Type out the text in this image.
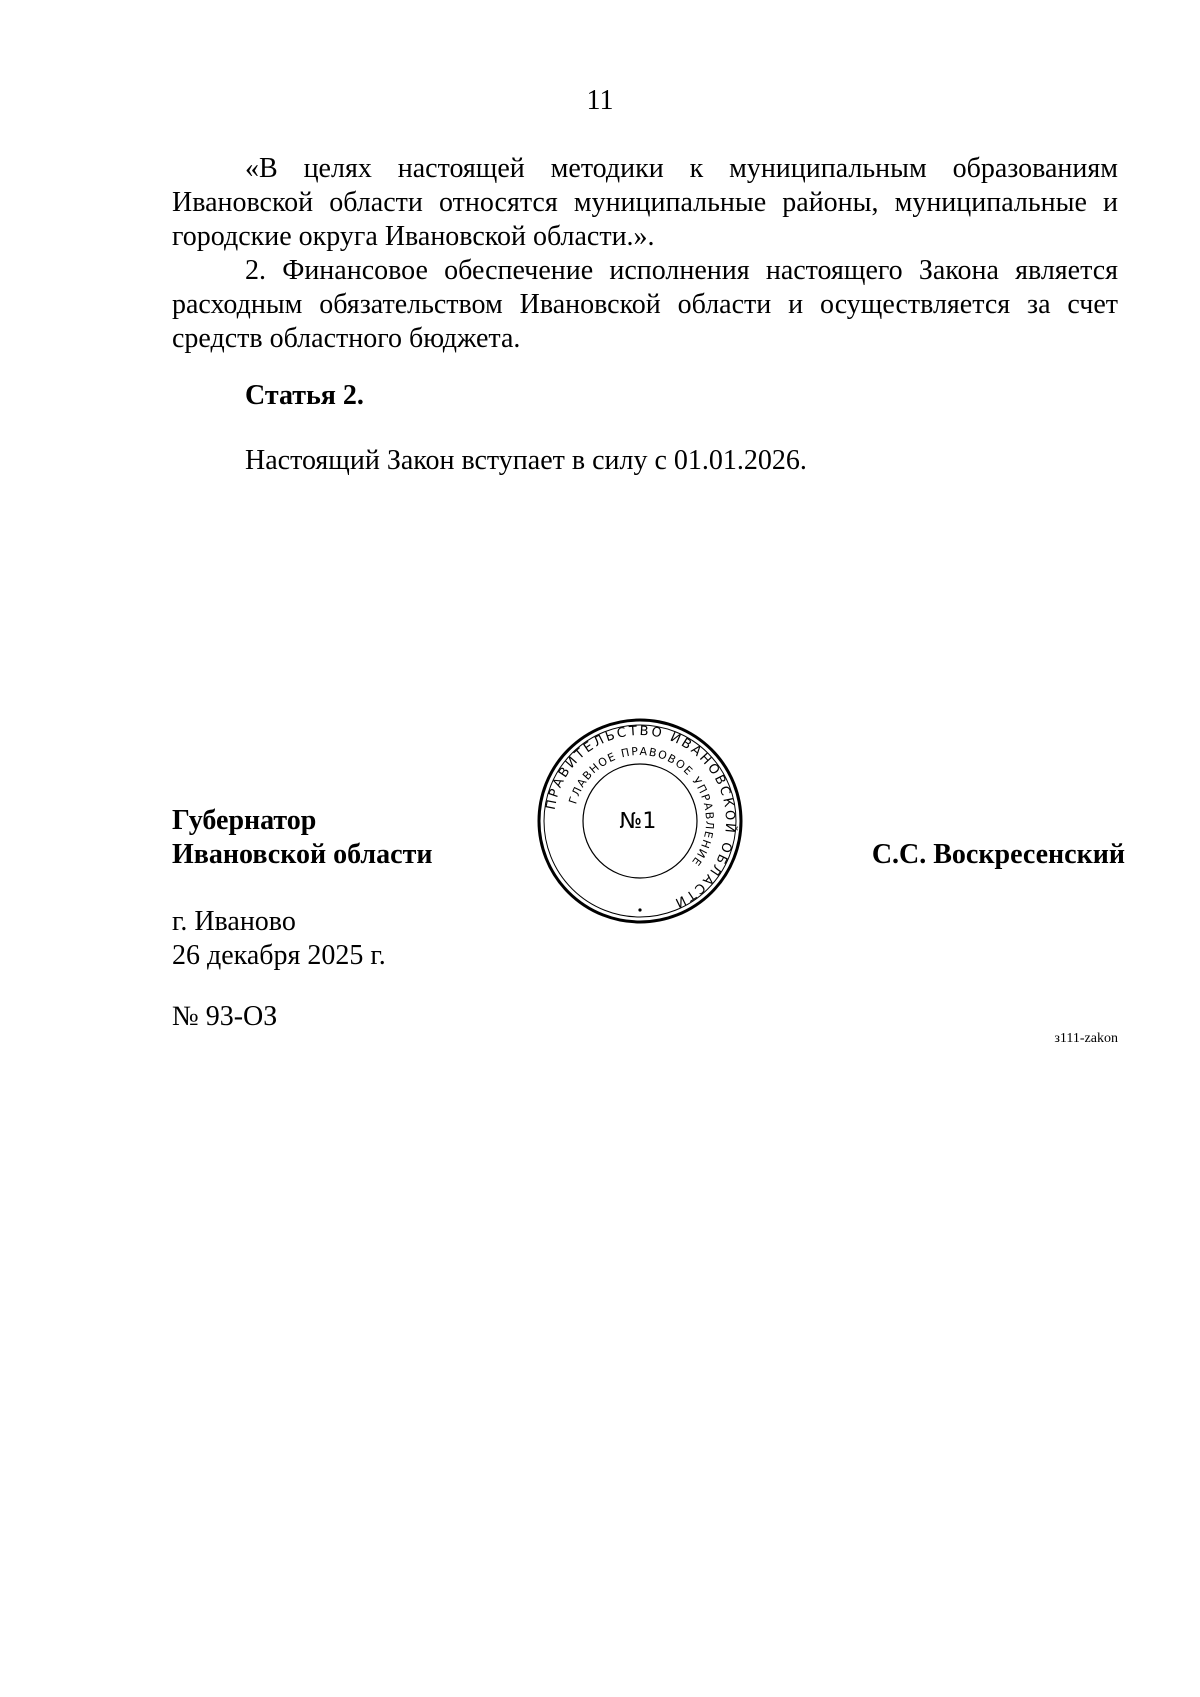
11

«В целях настоящей методики к муниципальным образованиям Ивановской области относятся муниципальные районы, муниципальные и городские округа Ивановской области.».

2. Финансовое обеспечение исполнения настоящего Закона является расходным обязательством Ивановской области и осуществляется за счет средств областного бюджета.

Статья 2.

Настоящий Закон вступает в силу с 01.01.2026.

Губернатор
Ивановской области
ПРАВИТЕЛЬСТВО ИВАНОВСКОЙ ОБЛАСТИ
ГЛАВНОЕ ПРАВОВОЕ УПРАВЛЕНИЕ
№1
С.С. Воскресенский
г. Иваново
26 декабря 2025 г.
№ 93-ОЗ
з111-zakon
